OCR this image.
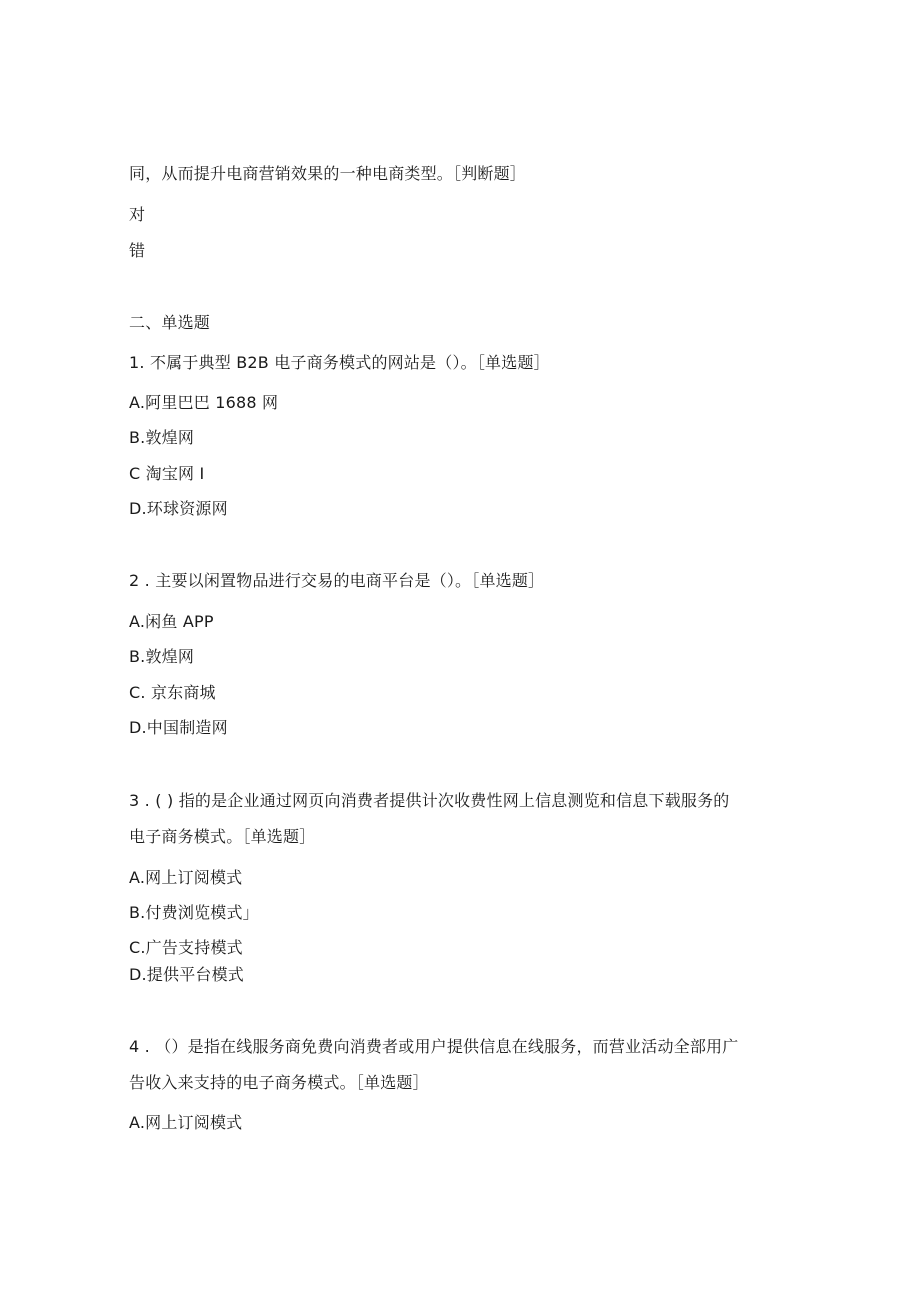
同，从而提升电商营销效果的一种电商类型。［判断题］
对
错
二、单选题
1. 不属于典型 B2B 电子商务模式的网站是（）。［单选题］
A.阿里巴巴 1688 网
B.敦煌网
C 淘宝网 I
D.环球资源网
2 . 主要以闲置物品进行交易的电商平台是（）。［单选题］
A.闲鱼 APP
B.敦煌网
C. 京东商城
D.中国制造网
3 . ( ) 指的是企业通过网页向消费者提供计次收费性网上信息测览和信息下载服务的
电子商务模式。［单选题］
A.网上订阅模式
B.付费浏览模式」
C.广告支持模式
D.提供平台模式
4 . （）是指在线服务商免费向消费者或用户提供信息在线服务，而营业活动全部用广
告收入来支持的电子商务模式。［单选题］
A.网上订阅模式
